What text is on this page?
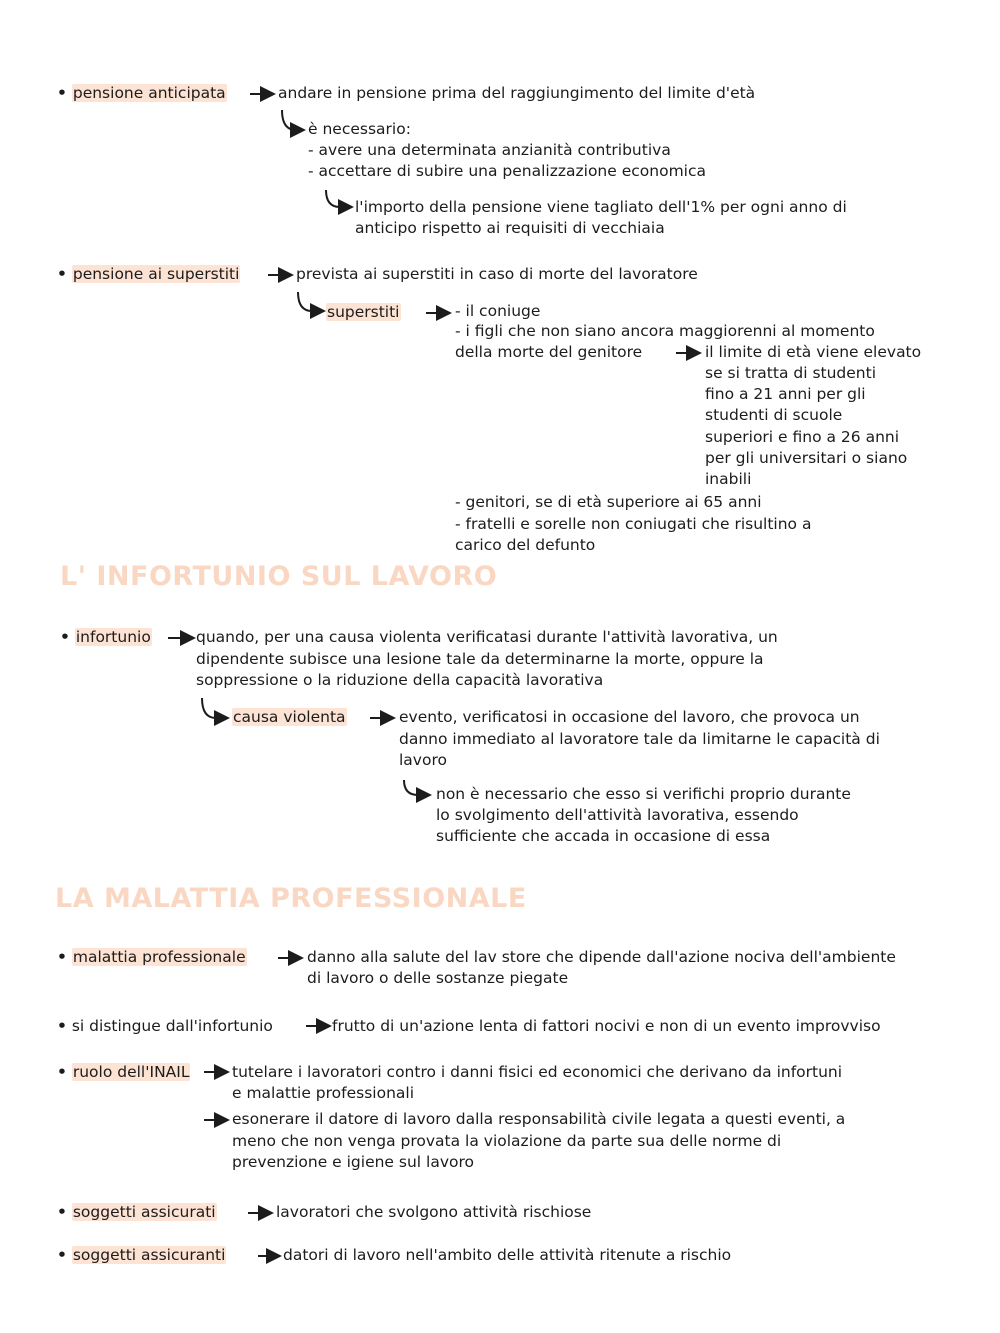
• pensione anticipata	andare in pensione prima del raggiungimento del limite d'età
è necessario:
- avere una determinata anzianità contributiva
- accettare di subire una penalizzazione economica
l'importo della pensione viene tagliato dell'1% per ogni anno di
anticipo rispetto ai requisiti di vecchiaia
• pensione ai superstiti	prevista ai superstiti in caso di morte del lavoratore
superstiti	- il coniuge
- i figli che non siano ancora maggiorenni al momento
della morte del genitore	il limite di età viene elevato
se si tratta di studenti
fino a 21 anni per gli
studenti di scuole
superiori e fino a 26 anni
per gli universitari o siano
inabili
- genitori, se di età superiore ai 65 anni
- fratelli e sorelle non coniugati che risultino a
carico del defunto
L' INFORTUNIO SUL LAVORO
• infortunio	quando, per una causa violenta verificatasi durante l'attività lavorativa, un
dipendente subisce una lesione tale da determinarne la morte, oppure la
soppressione o la riduzione della capacità lavorativa
causa violenta	evento, verificatosi in occasione del lavoro, che provoca un
danno immediato al lavoratore tale da limitarne le capacità di
lavoro
non è necessario che esso si verifichi proprio durante
lo svolgimento dell'attività lavorativa, essendo
sufficiente che accada in occasione di essa
LA MALATTIA PROFESSIONALE
• malattia professionale	danno alla salute del lav store che dipende dall'azione nociva dell'ambiente
di lavoro o delle sostanze piegate
• si distingue dall'infortunio	frutto di un'azione lenta di fattori nocivi e non di un evento improvviso
• ruolo dell'INAIL	tutelare i lavoratori contro i danni fisici ed economici che derivano da infortuni
e malattie professionali
esonerare il datore di lavoro dalla responsabilità civile legata a questi eventi, a
meno che non venga provata la violazione da parte sua delle norme di
prevenzione e igiene sul lavoro
• soggetti assicurati	lavoratori che svolgono attività rischiose
• soggetti assicuranti	datori di lavoro nell'ambito delle attività ritenute a rischio
